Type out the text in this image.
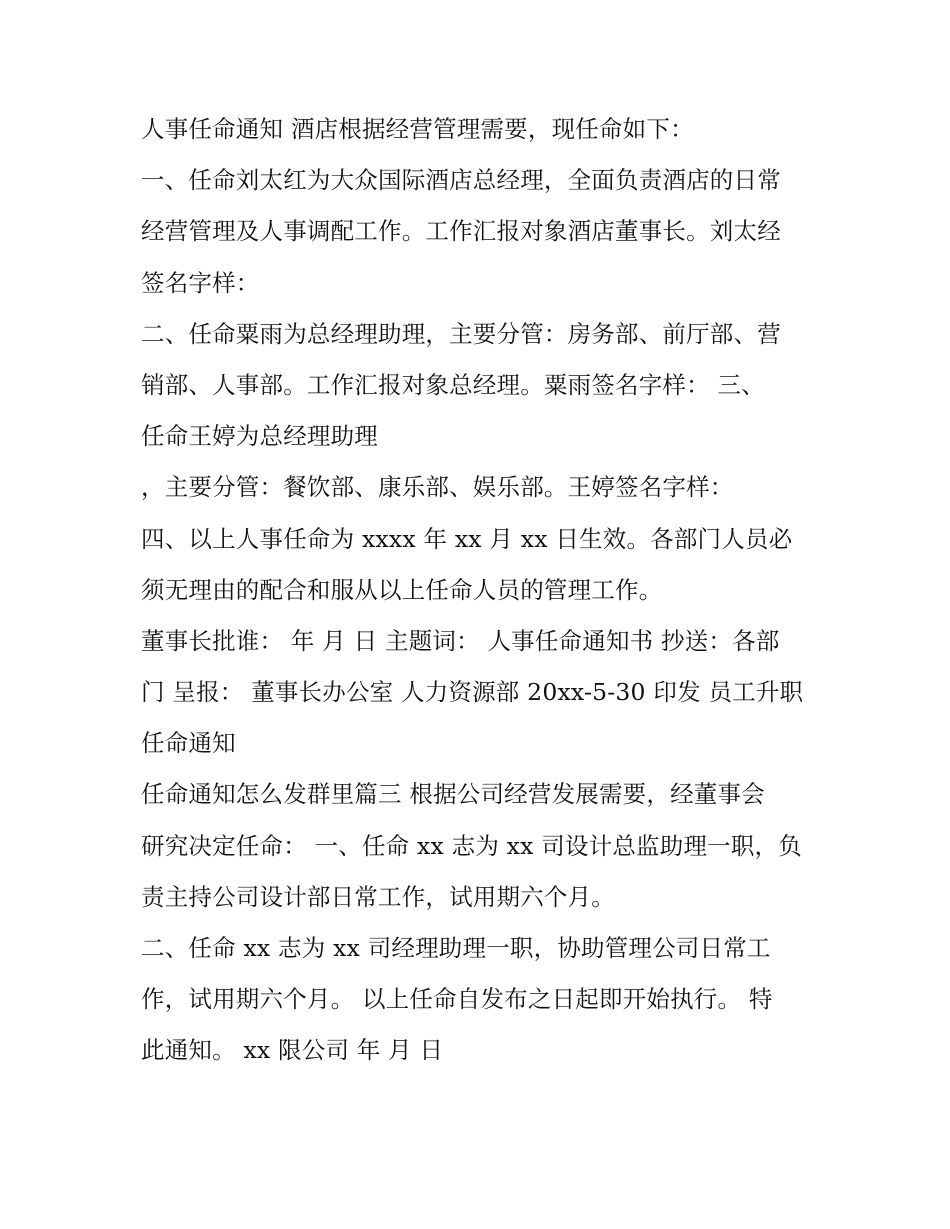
人事任命通知 酒店根据经营管理需要，现任命如下：
一、任命刘太红为大众国际酒店总经理，全面负责酒店的日常
经营管理及人事调配工作。工作汇报对象酒店董事长。刘太经
签名字样：
二、任命粟雨为总经理助理，主要分管：房务部、前厅部、营
销部、人事部。工作汇报对象总经理。粟雨签名字样： 三、
任命王婷为总经理助理
，主要分管：餐饮部、康乐部、娱乐部。王婷签名字样：
四、以上人事任命为 xxxx 年 xx 月 xx 日生效。各部门人员必
须无理由的配合和服从以上任命人员的管理工作。
董事长批谁： 年 月 日 主题词： 人事任命通知书 抄送：各部
门 呈报： 董事长办公室 人力资源部 20xx-5-30 印发 员工升职
任命通知
任命通知怎么发群里篇三 根据公司经营发展需要，经董事会
研究决定任命： 一、任命 xx 志为 xx 司设计总监助理一职，负
责主持公司设计部日常工作，试用期六个月。
二、任命 xx 志为 xx 司经理助理一职，协助管理公司日常工
作，试用期六个月。 以上任命自发布之日起即开始执行。 特
此通知。 xx 限公司 年 月 日
